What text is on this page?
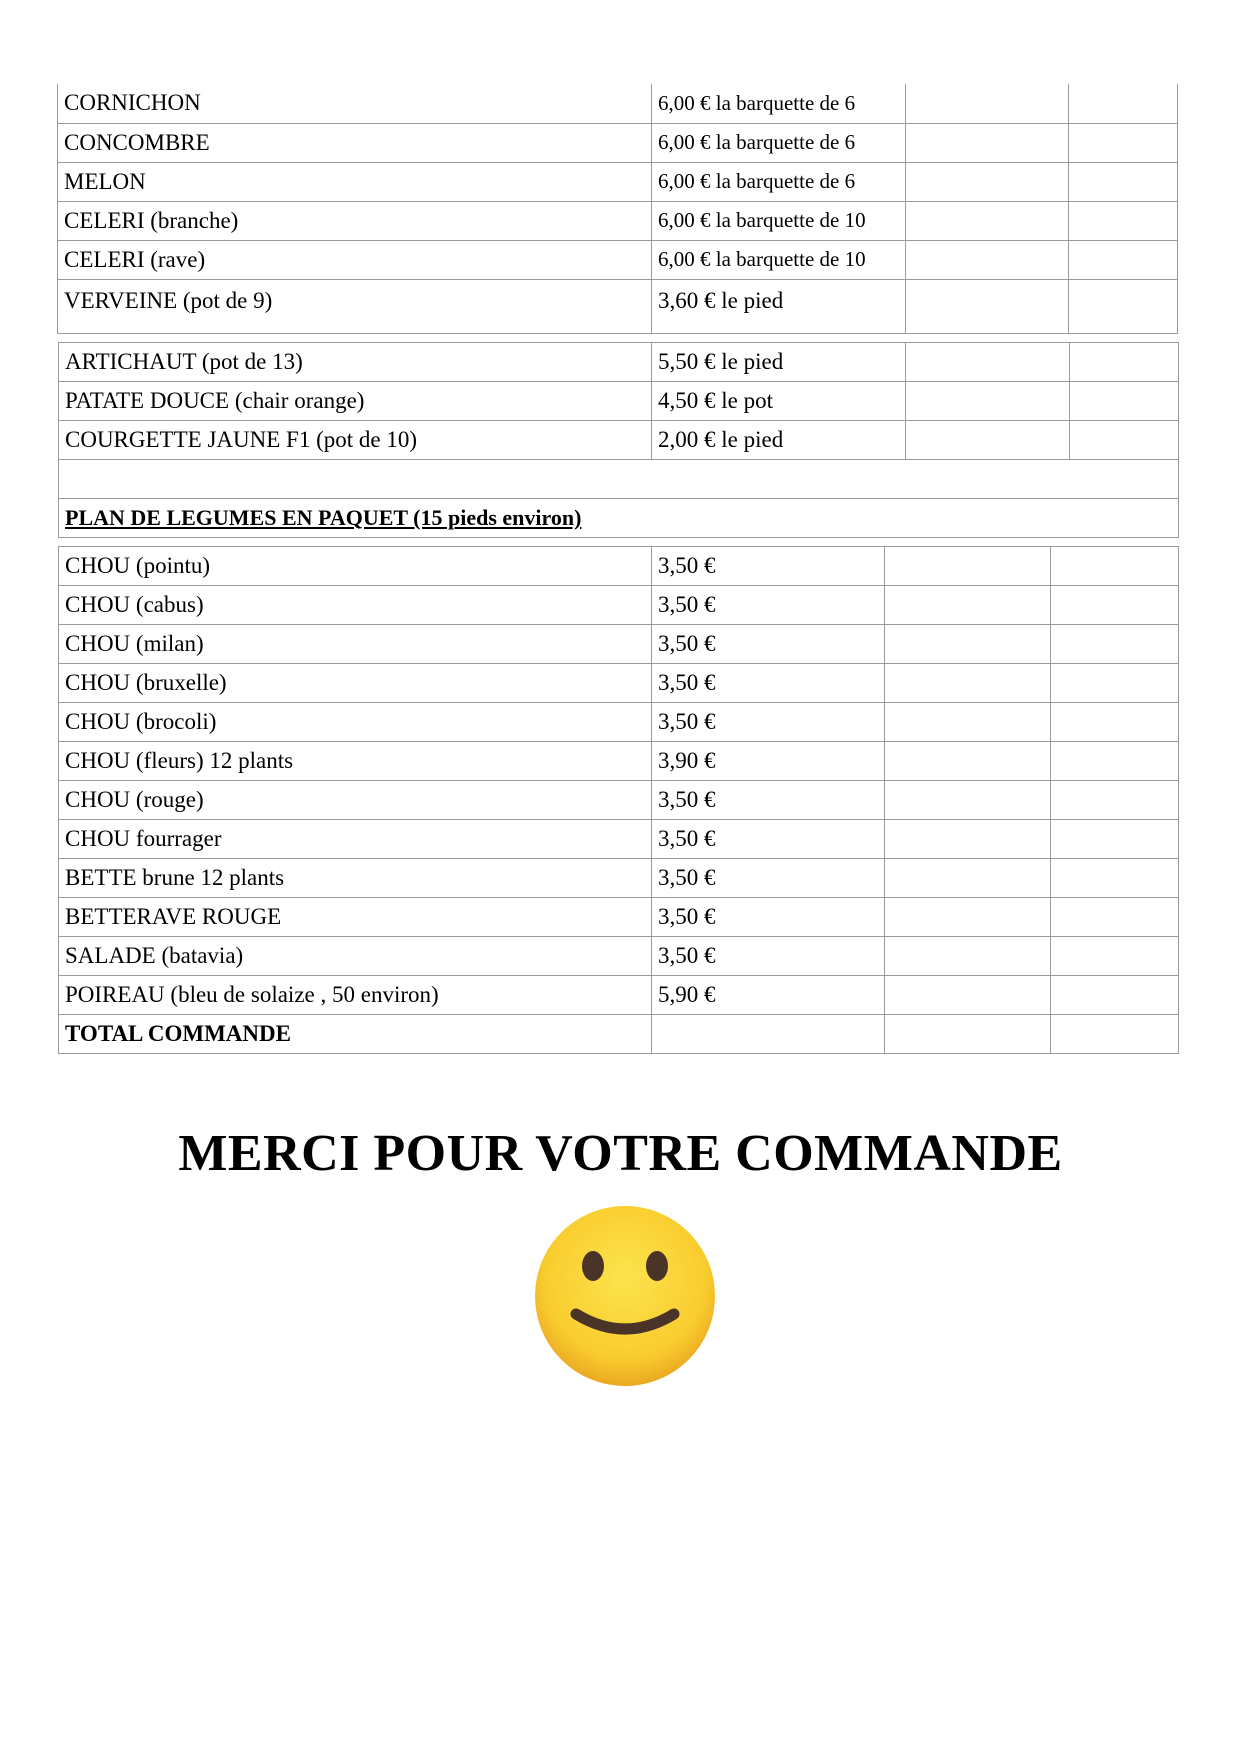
CORNICHON	6,00 € la barquette de 6		
CONCOMBRE	6,00 € la barquette de 6		
MELON	6,00 € la barquette de 6		
CELERI (branche)	6,00 € la barquette de 10		
CELERI (rave)	6,00 € la barquette de 10		
VERVEINE (pot de 9)	3,60 € le pied		
ARTICHAUT (pot de 13)	5,50 € le pied		
PATATE DOUCE (chair orange)	4,50 € le pot		
COURGETTE JAUNE F1 (pot de 10)	2,00 € le pied		

PLAN DE LEGUMES EN PAQUET (15 pieds environ)			
CHOU (pointu)	3,50 €		
CHOU (cabus)	3,50 €		
CHOU (milan)	3,50 €		
CHOU (bruxelle)	3,50 €		
CHOU (brocoli)	3,50 €		
CHOU (fleurs) 12 plants	3,90 €		
CHOU (rouge)	3,50 €		
CHOU fourrager	3,50 €		
BETTE brune 12 plants	3,50 €		
BETTERAVE ROUGE	3,50 €		
SALADE (batavia)	3,50 €		
POIREAU (bleu de solaize , 50 environ)	5,90 €		
TOTAL COMMANDE			
MERCI POUR VOTRE COMMANDE
